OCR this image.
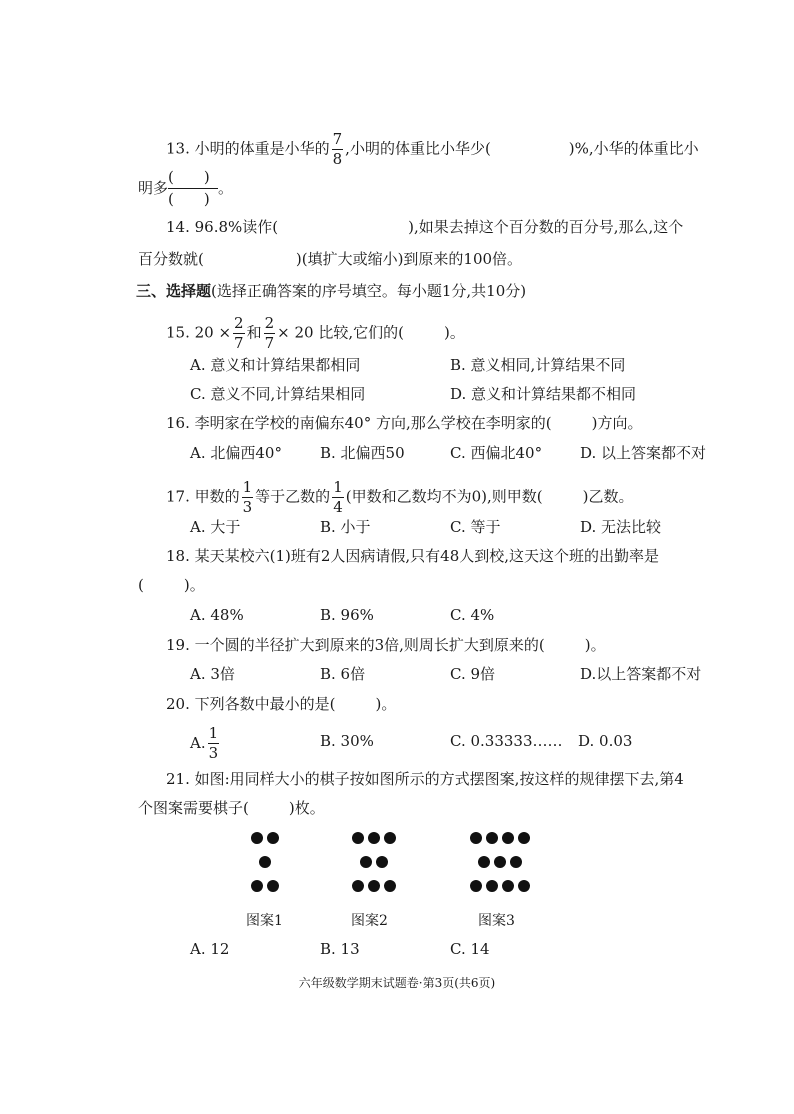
13. 小明的体重是小华的 $\frac{7}{8}$ ,小明的体重比小华少(	)%,小华的体重比小
明多 $\frac{( )}{( )}$ 。
14. 96.8%读作(	),如果去掉这个百分数的百分号,那么,这个
百分数就(	)(填扩大或缩小)到原来的100倍。
三、选择题(选择正确答案的序号填空。每小题1分,共10分)
15. $20 \times \frac{2}{7}$ 和 $\frac{2}{7} \times 20$ 比较,它们的(	)。
A. 意义和计算结果都相同	B. 意义相同,计算结果不同
C. 意义不同,计算结果相同	D. 意义和计算结果都不相同
16. 李明家在学校的南偏东40° 方向,那么学校在李明家的(	)方向。
A. 北偏西40°	B. 北偏西50	C. 西偏北40°	D. 以上答案都不对
17. 甲数的 $\frac{1}{3}$ 等于乙数的 $\frac{1}{4}$ (甲数和乙数均不为0),则甲数(	)乙数。
A. 大于	B. 小于	C. 等于	D. 无法比较
18. 某天某校六(1)班有2人因病请假,只有48人到校,这天这个班的出勤率是
(	)。
A. 48%	B. 96%	C. 4%
19. 一个圆的半径扩大到原来的3倍,则周长扩大到原来的(	)。
A. 3倍	B. 6倍	C. 9倍	D.以上答案都不对
20. 下列各数中最小的是(	)。
A. $\frac{1}{3}$	B. 30%	C. 0.33333…… D. 0.03
21. 如图:用同样大小的棋子按如图所示的方式摆图案,按这样的规律摆下去,第4
个图案需要棋子(	)枚。
图案1	图案2	图案3
A. 12	B. 13	C. 14
六年级数学期末试题卷·第3页(共6页)
